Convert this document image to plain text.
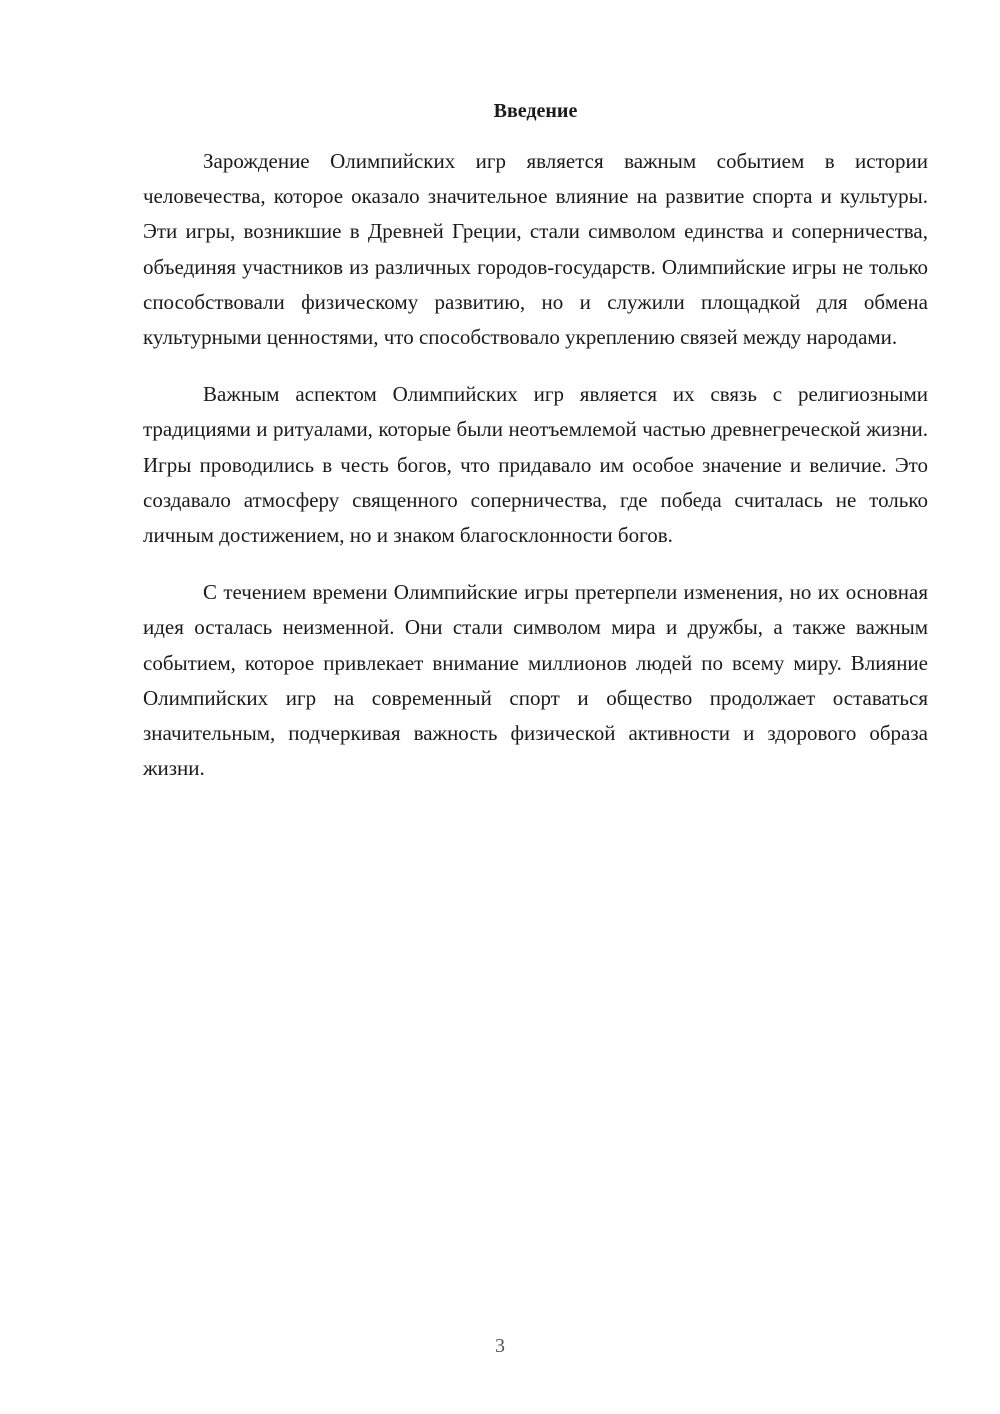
Введение

Зарождение Олимпийских игр является важным событием в истории человечества, которое оказало значительное влияние на развитие спорта и культуры. Эти игры, возникшие в Древней Греции, стали символом единства и соперничества, объединяя участников из различных городов-государств. Олимпийские игры не только способствовали физическому развитию, но и служили площадкой для обмена культурными ценностями, что способствовало укреплению связей между народами.

Важным аспектом Олимпийских игр является их связь с религиозными традициями и ритуалами, которые были неотъемлемой частью древнегреческой жизни. Игры проводились в честь богов, что придавало им особое значение и величие. Это создавало атмосферу священного соперничества, где победа считалась не только личным достижением, но и знаком благосклонности богов.

С течением времени Олимпийские игры претерпели изменения, но их основная идея осталась неизменной. Они стали символом мира и дружбы, а также важным событием, которое привлекает внимание миллионов людей по всему миру. Влияние Олимпийских игр на современный спорт и общество продолжает оставаться значительным, подчеркивая важность физической активности и здорового образа жизни.

3
